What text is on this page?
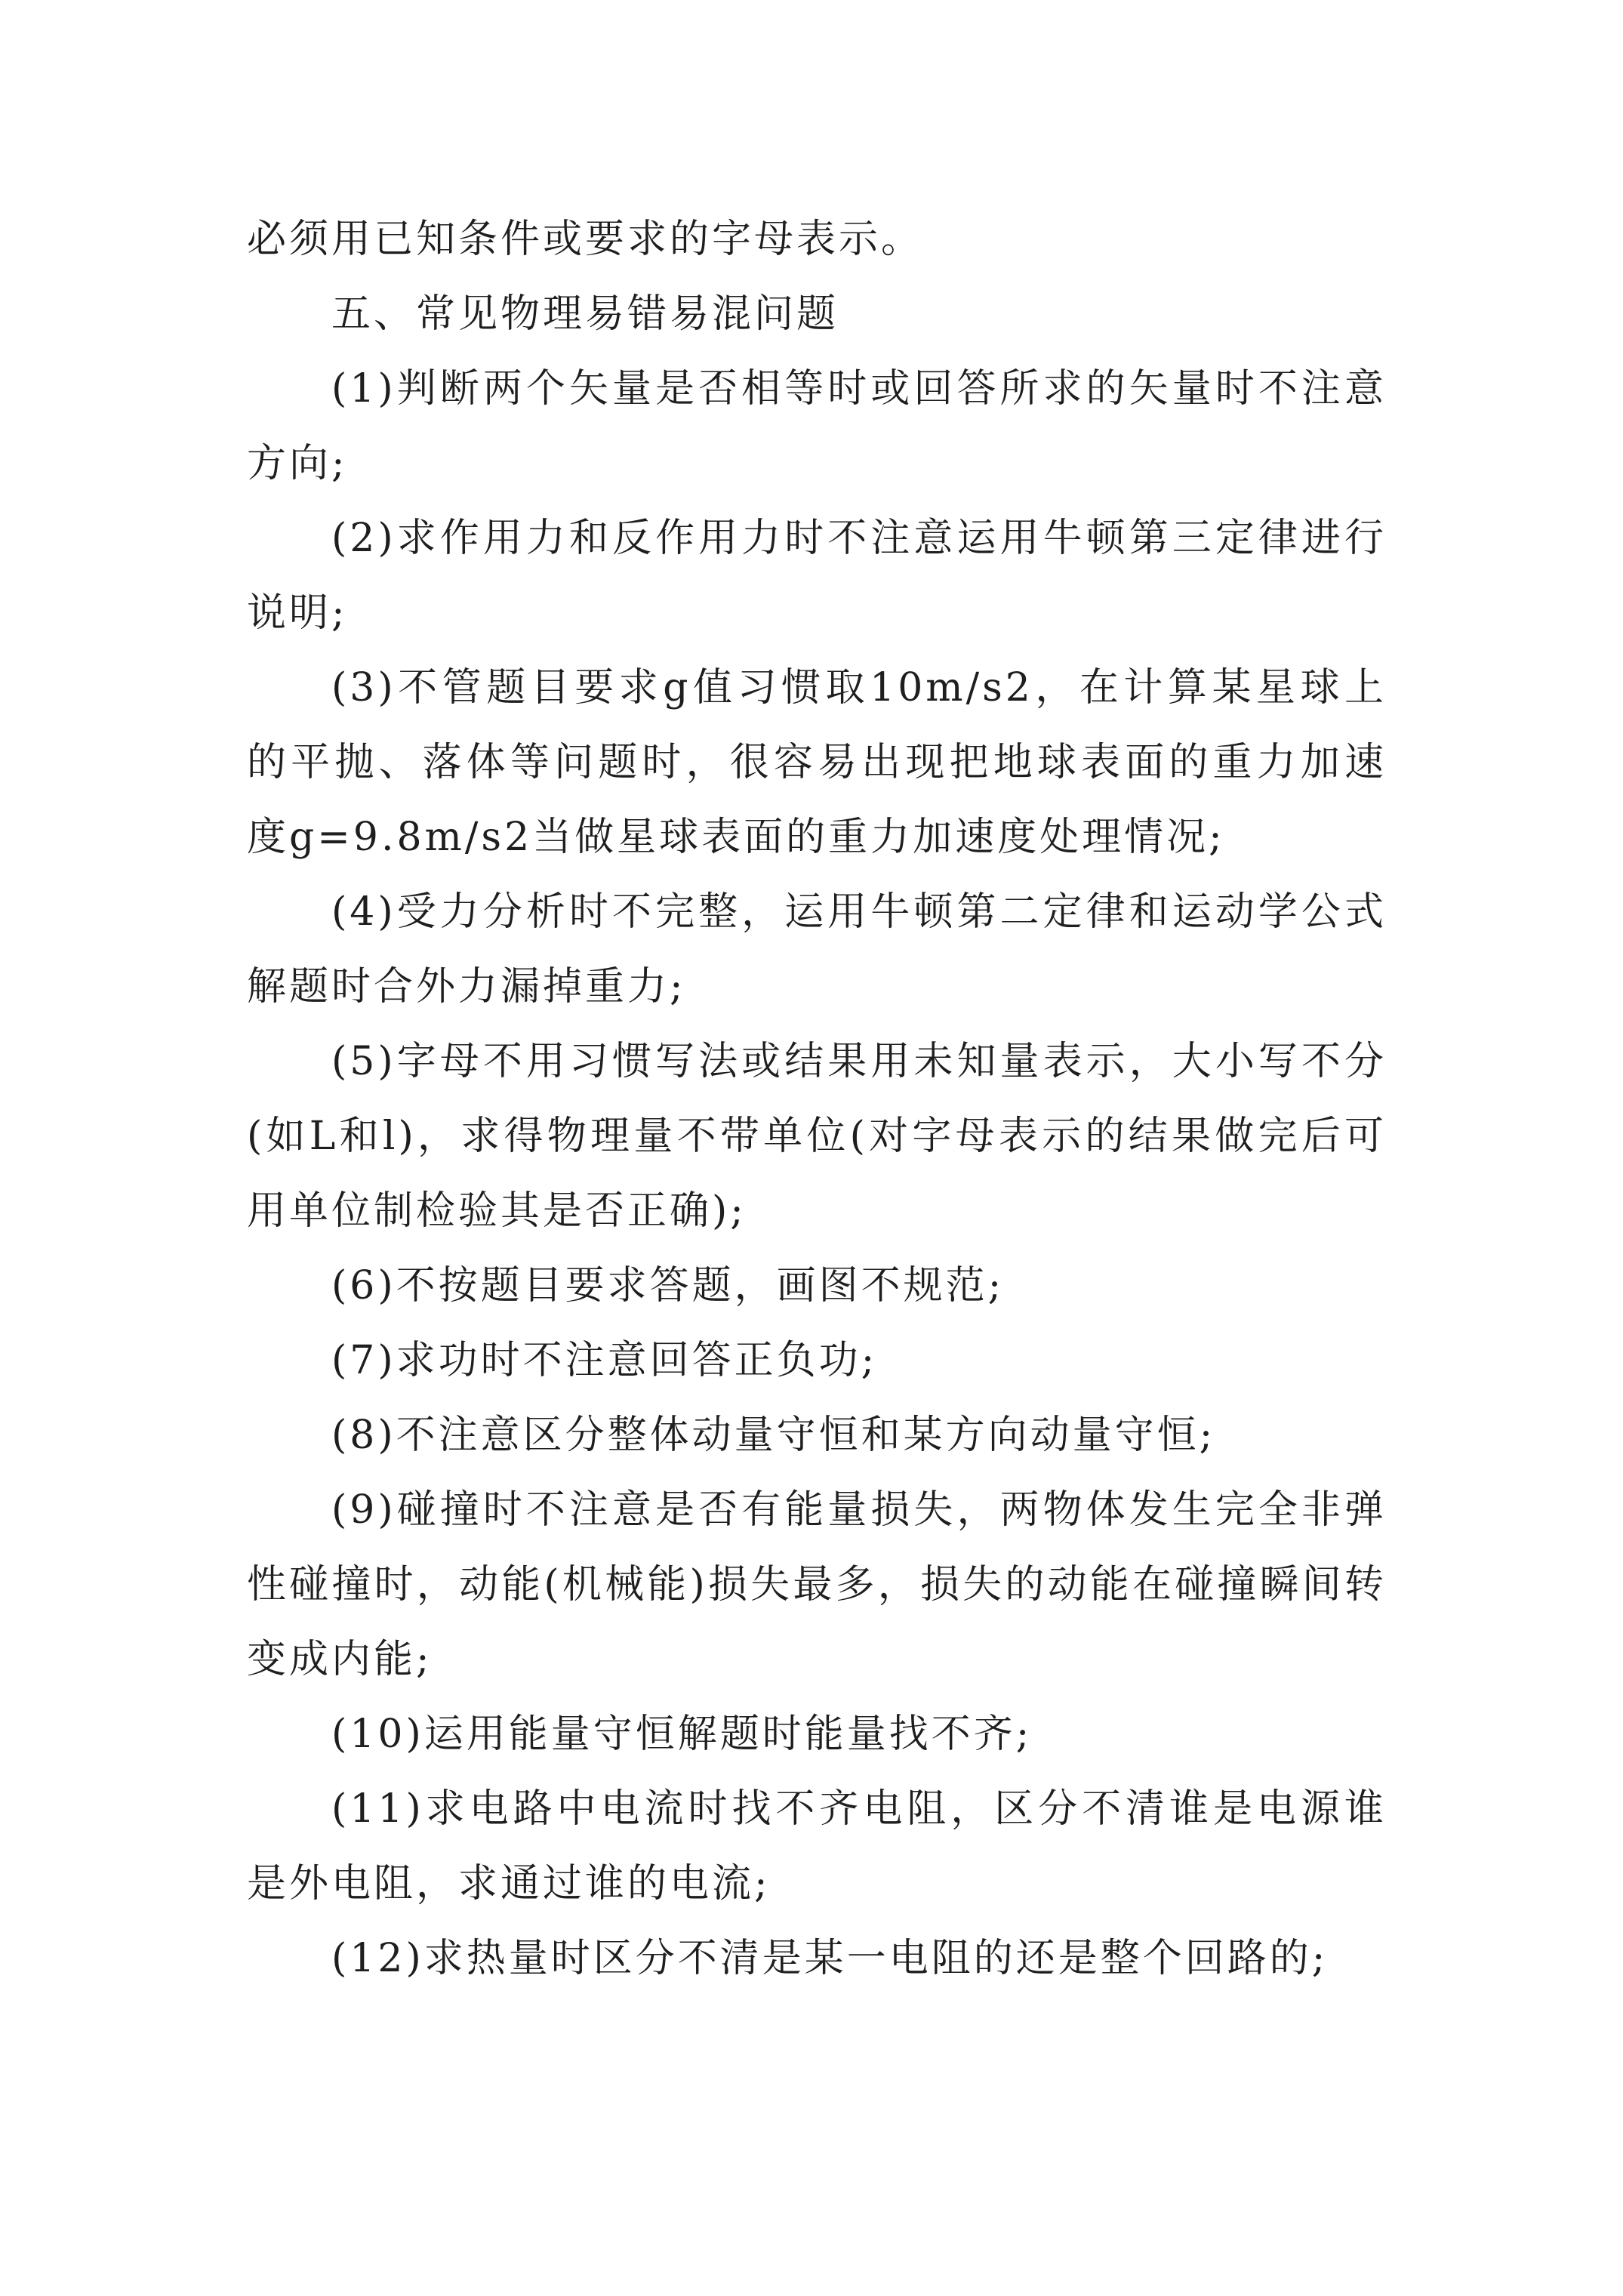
必须用已知条件或要求的字母表示。

五、常见物理易错易混问题

(1)判断两个矢量是否相等时或回答所求的矢量时不注意方向;

(2)求作用力和反作用力时不注意运用牛顿第三定律进行说明;

(3)不管题目要求g值习惯取10m/s2，在计算某星球上的平抛、落体等问题时，很容易出现把地球表面的重力加速度g=9.8m/s2当做星球表面的重力加速度处理情况;

(4)受力分析时不完整，运用牛顿第二定律和运动学公式解题时合外力漏掉重力;

(5)字母不用习惯写法或结果用未知量表示，大小写不分(如L和l)，求得物理量不带单位(对字母表示的结果做完后可用单位制检验其是否正确);

(6)不按题目要求答题，画图不规范;

(7)求功时不注意回答正负功;

(8)不注意区分整体动量守恒和某方向动量守恒;

(9)碰撞时不注意是否有能量损失，两物体发生完全非弹性碰撞时，动能(机械能)损失最多，损失的动能在碰撞瞬间转变成内能;

(10)运用能量守恒解题时能量找不齐;

(11)求电路中电流时找不齐电阻，区分不清谁是电源谁是外电阻，求通过谁的电流;

(12)求热量时区分不清是某一电阻的还是整个回路的;
